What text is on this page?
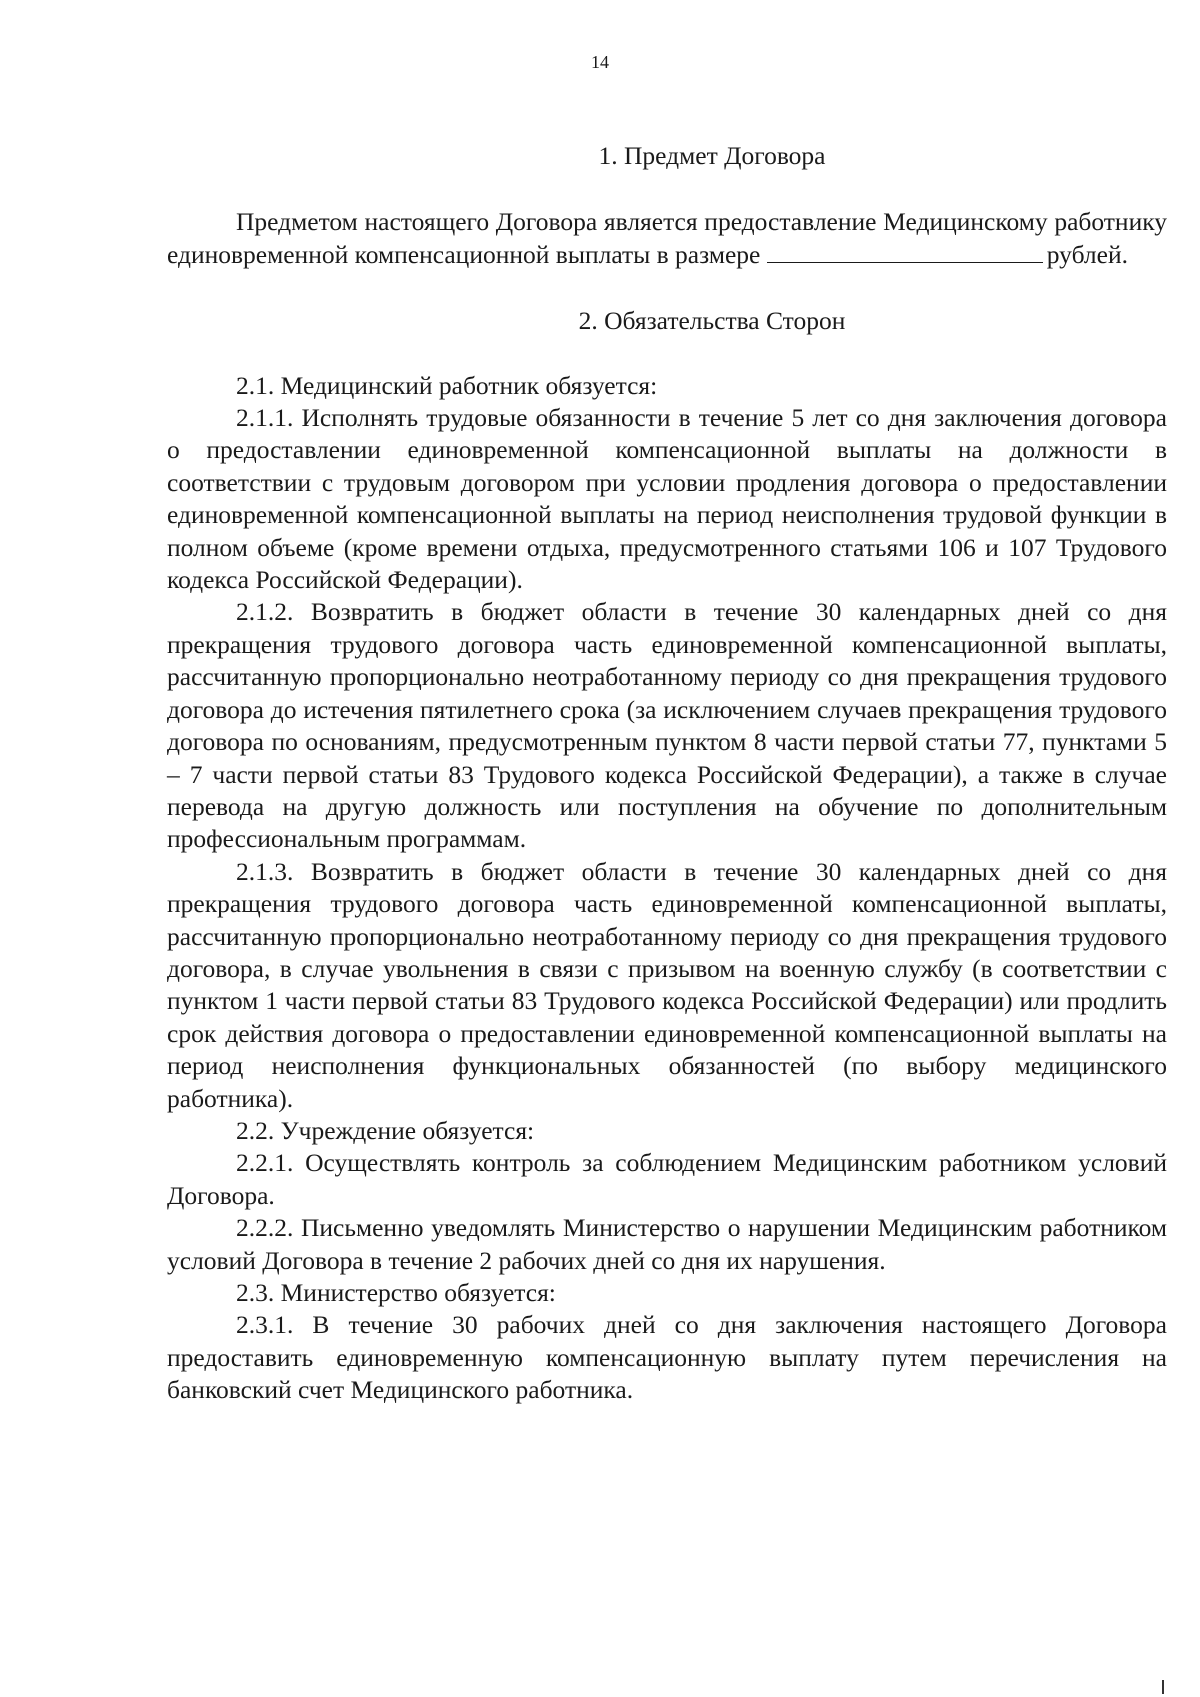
14
1. Предмет Договора

Предметом настоящего Договора является предоставление Медицинскому работнику единовременной компенсационной выплаты в размере	рублей.

2. Обязательства Сторон

2.1. Медицинский работник обязуется:

2.1.1. Исполнять трудовые обязанности в течение 5 лет со дня заключения договора о предоставлении единовременной компенсационной выплаты на должности в соответствии с трудовым договором при условии продления договора о предоставлении единовременной компенсационной выплаты на период неисполнения трудовой функции в полном объеме (кроме времени отдыха, предусмотренного статьями 106 и 107 Трудового кодекса Российской Федерации).

2.1.2. Возвратить в бюджет области в течение 30 календарных дней со дня прекращения трудового договора часть единовременной компенсационной выплаты, рассчитанную пропорционально неотработанному периоду со дня прекращения трудового договора до истечения пятилетнего срока (за исключением случаев прекращения трудового договора по основаниям, предусмотренным пунктом 8 части первой статьи 77, пунктами 5 – 7 части первой статьи 83 Трудового кодекса Российской Федерации), а также в случае перевода на другую должность или поступления на обучение по дополнительным профессиональным программам.

2.1.3. Возвратить в бюджет области в течение 30 календарных дней со дня прекращения трудового договора часть единовременной компенсационной выплаты, рассчитанную пропорционально неотработанному периоду со дня прекращения трудового договора, в случае увольнения в связи с призывом на военную службу (в соответствии с пунктом 1 части первой статьи 83 Трудового кодекса Российской Федерации) или продлить срок действия договора о предоставлении единовременной компенсационной выплаты на период неисполнения функциональных обязанностей (по выбору медицинского работника).

2.2. Учреждение обязуется:

2.2.1. Осуществлять контроль за соблюдением Медицинским работником условий Договора.

2.2.2. Письменно уведомлять Министерство о нарушении Медицинским работником условий Договора в течение 2 рабочих дней со дня их нарушения.

2.3. Министерство обязуется:

2.3.1. В течение 30 рабочих дней со дня заключения настоящего Договора предоставить единовременную компенсационную выплату путем перечисления на банковский счет Медицинского работника.
